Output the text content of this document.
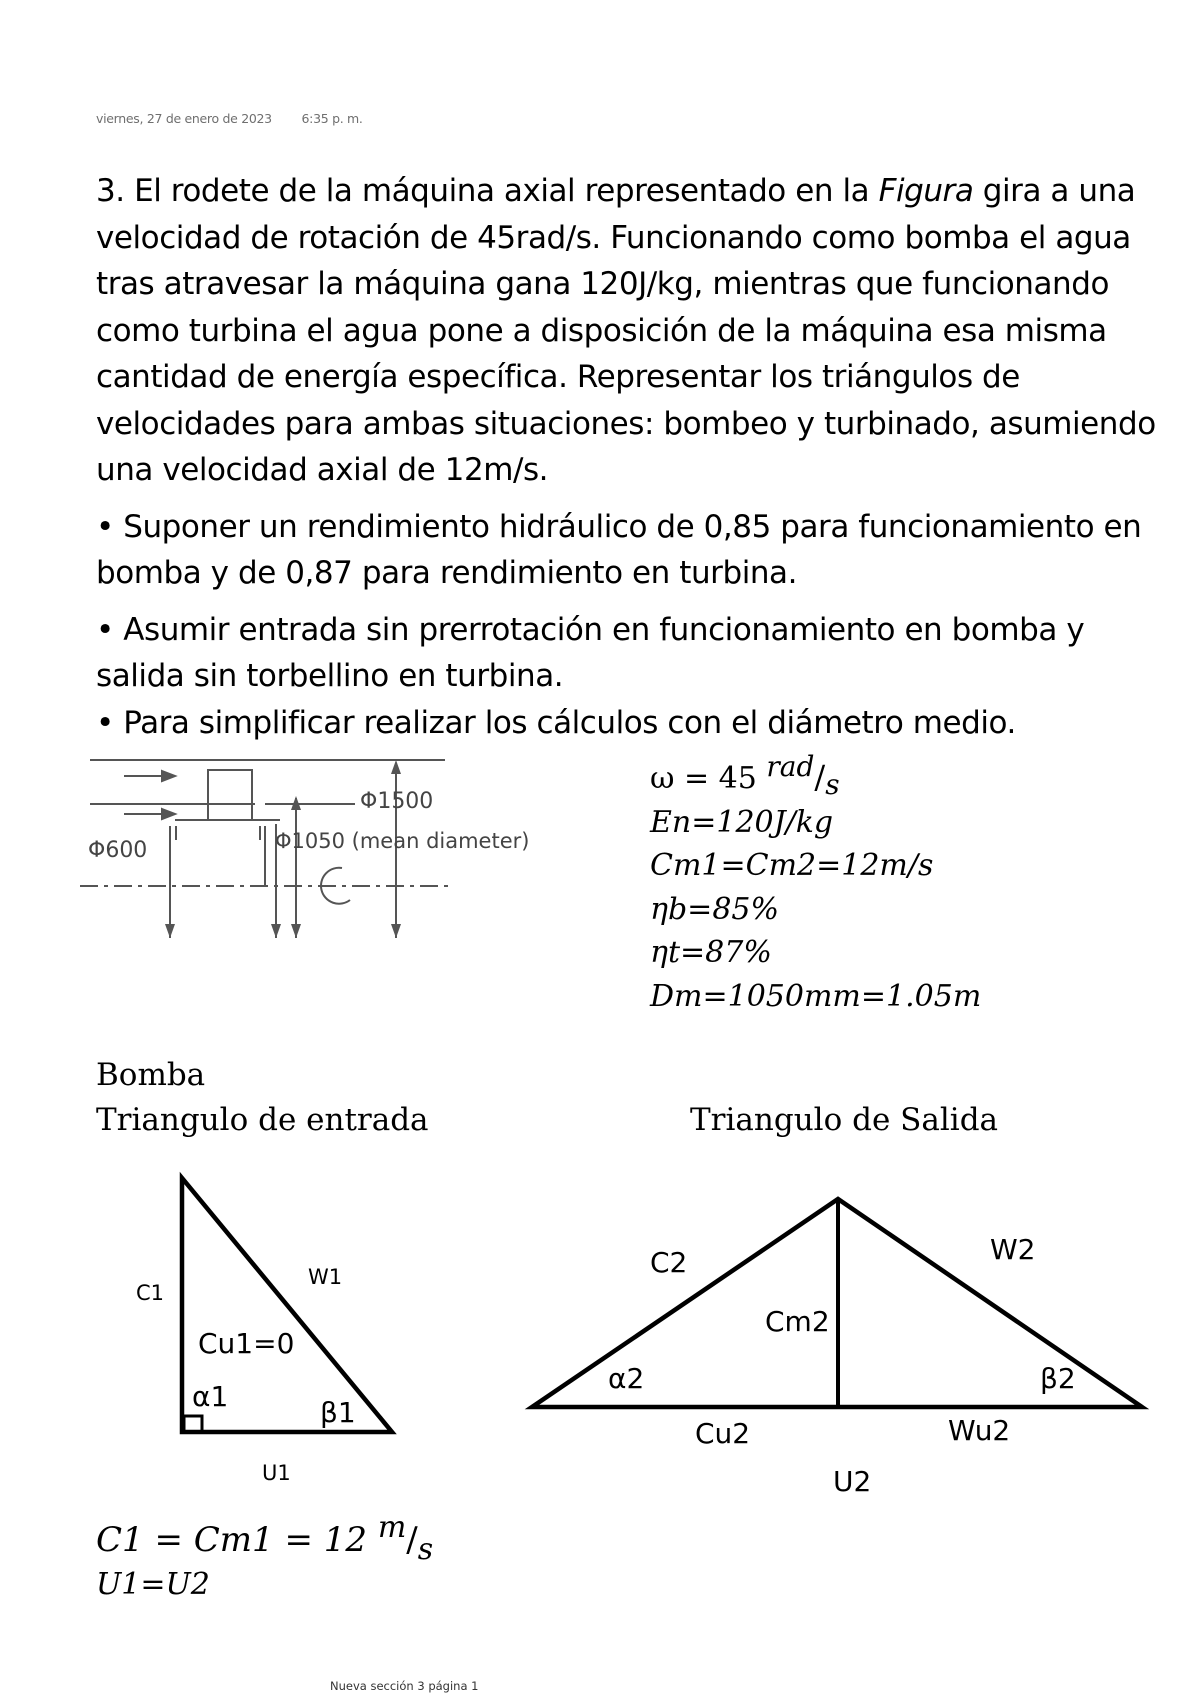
viernes, 27 de enero de 2023 6:35 p. m.

3. El rodete de la máquina axial representado en la Figura gira a una velocidad de rotación de 45rad/s. Funcionando como bomba el agua tras atravesar la máquina gana 120J/kg, mientras que funcionando como turbina el agua pone a disposición de la máquina esa misma cantidad de energía específica. Representar los triángulos de velocidades para ambas situaciones: bombeo y turbinado, asumiendo una velocidad axial de 12m/s.

• Suponer un rendimiento hidráulico de 0,85 para funcionamiento en bomba y de 0,87 para rendimiento en turbina.

• Asumir entrada sin prerrotación en funcionamiento en bomba y salida sin torbellino en turbina.

• Para simplificar realizar los cálculos con el diámetro medio.

Φ1500
Φ1050 (mean diameter)
Φ600
ω = 45 rad/s
En=120J/kg
Cm1=Cm2=12m/s
ηb=85%
ηt=87%
Dm=1050mm=1.05m
Bomba
Triangulo de entrada	Triangulo de Salida
C1
W1
Cu1=0
α1	β1
U1
C2	W2
Cm2
α2	β2
Cu2	Wu2
U2
C1 = Cm1 = 12 m/s
U1=U2
Nueva sección 3 página 1
